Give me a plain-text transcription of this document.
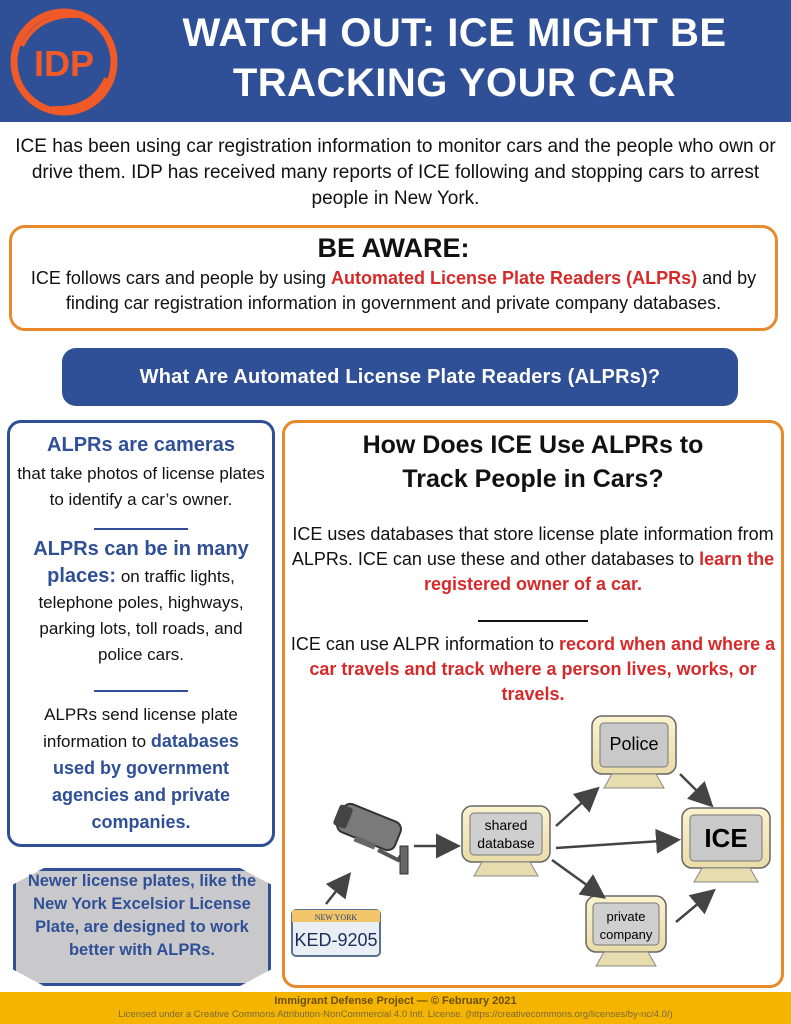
IDP
WATCH OUT: ICE MIGHT BE
TRACKING YOUR CAR
ICE has been using car registration information to monitor cars and the people who own or drive them. IDP has received many reports of ICE following and stopping cars to arrest people in New York.
BE AWARE:
ICE follows cars and people by using Automated License Plate Readers (ALPRs) and by finding car registration information in government and private company databases.
What Are Automated License Plate Readers (ALPRs)?
ALPRs are cameras
that take photos of license plates to identify a car’s owner.
ALPRs can be in many places: on traffic lights, telephone poles, highways, parking lots, toll roads, and police cars.
ALPRs send license plate information to databases used by government agencies and private companies.
Newer license plates, like the New York Excelsior License Plate, are designed to work better with ALPRs.
How Does ICE Use ALPRs to
Track People in Cars?
ICE uses databases that store license plate information from ALPRs. ICE can use these and other databases to learn the registered owner of a car.
ICE can use ALPR information to record when and where a car travels and track where a person lives, works, or travels.
NEW YORK
KED-9205
shared
database
Police
ICE
private
company
Immigrant Defense Project — © February 2021
Licensed under a Creative Commons Attribution-NonCommercial 4.0 Intl. License. (https://creativecommons.org/licenses/by-nc/4.0/)
